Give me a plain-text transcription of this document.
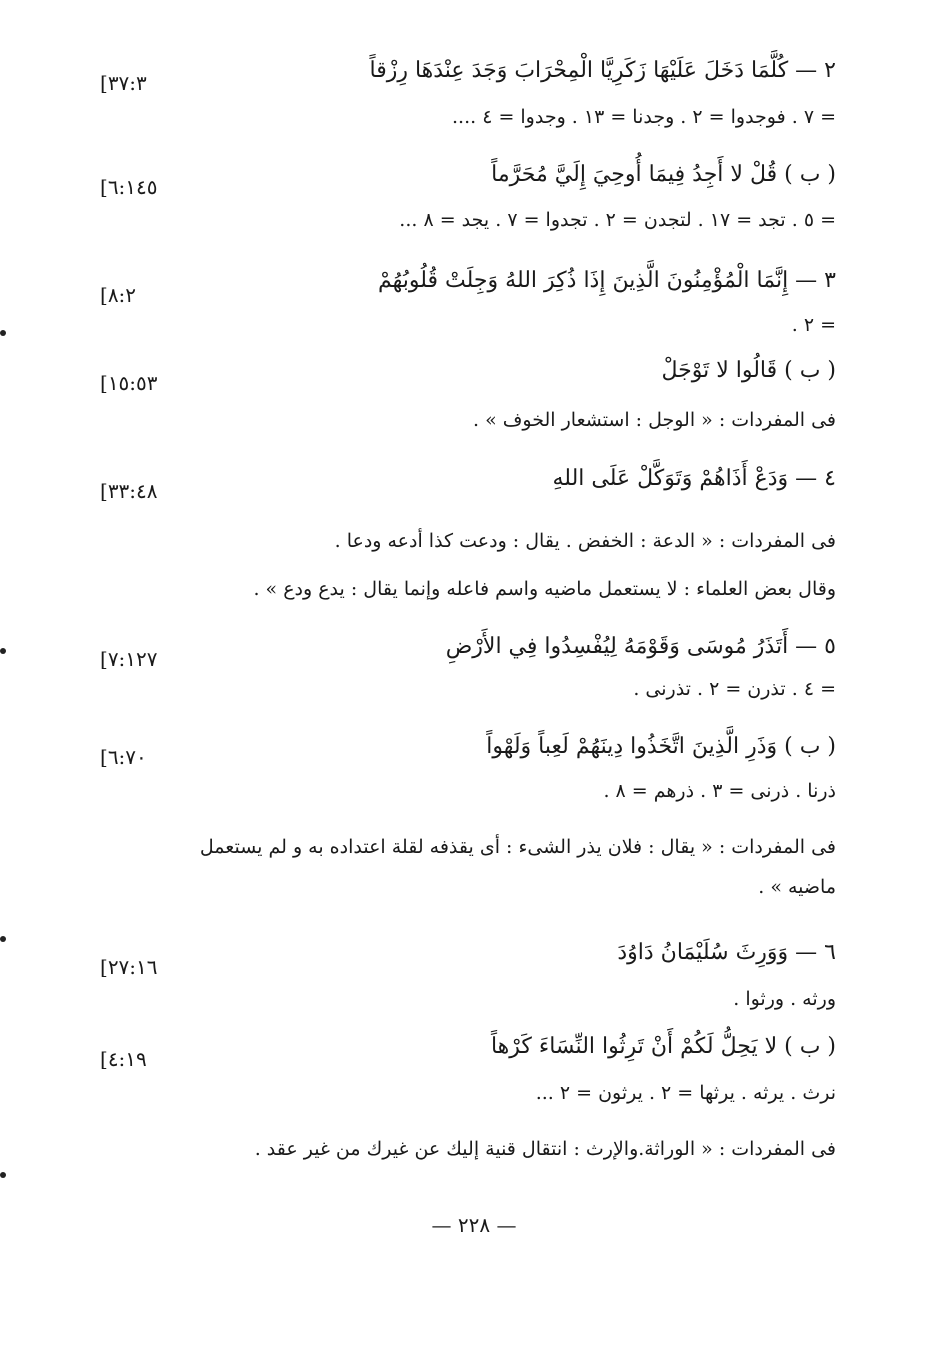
٢ — كُلَّمَا دَخَلَ عَلَيْهَا زَكَرِيَّا الْمِحْرَابَ وَجَدَ عِنْدَهَا رِزْقاً
[٣٧:٣
= ٧ . فوجدوا = ٢ . وجدنا = ١٣ . وجدوا = ٤ ....
( ب ) قُلْ لا أَجِدُ فِيمَا أُوحِيَ إِلَيَّ مُحَرَّماً
[٦:١٤٥
= ٥ . تجد = ١٧ . لتجدن = ٢ . تجدوا = ٧ . يجد = ٨ ...
٣ — إِنَّمَا الْمُؤْمِنُونَ الَّذِينَ إِذَا ذُكِرَ اللهُ وَجِلَتْ قُلُوبُهُمْ
[٨:٢
= ٢ .
( ب ) قَالُوا لا تَوْجَلْ
[١٥:٥٣
فى المفردات : « الوجل : استشعار الخوف » .
٤ — وَدَعْ أَذَاهُمْ وَتَوَكَّلْ عَلَى اللهِ
[٣٣:٤٨
فى المفردات : « الدعة : الخفض . يقال : ودعت كذا أدعه ودعا .
وقال بعض العلماء : لا يستعمل ماضيه واسم فاعله وإنما يقال : يدع ودع » .
٥ — أَتَذَرُ مُوسَى وَقَوْمَهُ لِيُفْسِدُوا فِي الأَرْضِ
[٧:١٢٧
= ٤ . تذرن = ٢ . تذرنى .
( ب ) وَذَرِ الَّذِينَ اتَّخَذُوا دِينَهُمْ لَعِباً وَلَهْواً
[٦:٧٠
ذرنا . ذرنى = ٣ . ذرهم = ٨ .
فى المفردات : « يقال : فلان يذر الشىء : أى يقذفه لقلة اعتداده به و لم يستعمل
ماضيه » .
٦ — وَوَرِثَ سُلَيْمَانُ دَاوُدَ
[٢٧:١٦
ورثه . ورثوا .
( ب ) لا يَحِلُّ لَكُمْ أَنْ تَرِثُوا النِّسَاءَ كَرْهاً
[٤:١٩
نرث . يرثه . يرثها = ٢ . يرثون = ٢ ...
فى المفردات : « الوراثة.والإرث : انتقال قنية إليك عن غيرك من غير عقد .
— ٢٢٨ —
